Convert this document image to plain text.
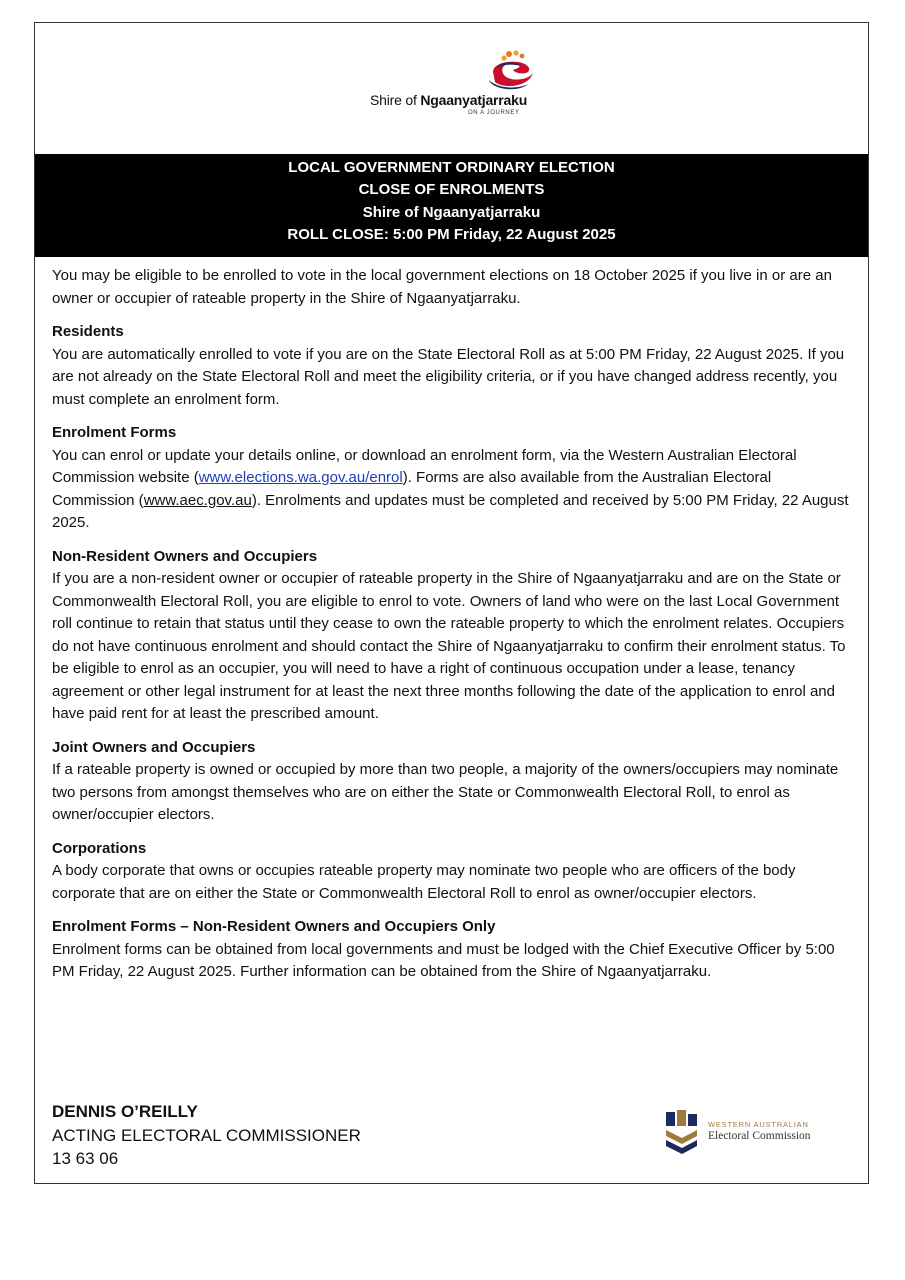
Shire of Ngaanyatjarraku
ON A JOURNEY
LOCAL GOVERNMENT ORDINARY ELECTION
CLOSE OF ENROLMENTS
Shire of Ngaanyatjarraku
ROLL CLOSE: 5:00 PM Friday, 22 August 2025

You may be eligible to be enrolled to vote in the local government elections on 18 October 2025 if you live in or are an owner or occupier of rateable property in the Shire of Ngaanyatjarraku.

Residents

You are automatically enrolled to vote if you are on the State Electoral Roll as at 5:00 PM Friday, 22 August 2025. If you are not already on the State Electoral Roll and meet the eligibility criteria, or if you have changed address recently, you must complete an enrolment form.

Enrolment Forms

You can enrol or update your details online, or download an enrolment form, via the Western Australian Electoral Commission website (www.elections.wa.gov.au/enrol). Forms are also available from the Australian Electoral Commission (www.aec.gov.au). Enrolments and updates must be completed and received by 5:00 PM Friday, 22 August 2025.

Non-Resident Owners and Occupiers

If you are a non-resident owner or occupier of rateable property in the Shire of Ngaanyatjarraku and are on the State or Commonwealth Electoral Roll, you are eligible to enrol to vote. Owners of land who were on the last Local Government roll continue to retain that status until they cease to own the rateable property to which the enrolment relates. Occupiers do not have continuous enrolment and should contact the Shire of Ngaanyatjarraku to confirm their enrolment status. To be eligible to enrol as an occupier, you will need to have a right of continuous occupation under a lease, tenancy agreement or other legal instrument for at least the next three months following the date of the application to enrol and have paid rent for at least the prescribed amount.

Joint Owners and Occupiers

If a rateable property is owned or occupied by more than two people, a majority of the owners/occupiers may nominate two persons from amongst themselves who are on either the State or Commonwealth Electoral Roll, to enrol as owner/occupier electors.

Corporations

A body corporate that owns or occupies rateable property may nominate two people who are officers of the body corporate that are on either the State or Commonwealth Electoral Roll to enrol as owner/occupier electors.

Enrolment Forms – Non-Resident Owners and Occupiers Only

Enrolment forms can be obtained from local governments and must be lodged with the Chief Executive Officer by 5:00 PM Friday, 22 August 2025. Further information can be obtained from the Shire of Ngaanyatjarraku.

DENNIS O’REILLY
ACTING ELECTORAL COMMISSIONER
13 63 06
WESTERN AUSTRALIAN
Electoral Commission
